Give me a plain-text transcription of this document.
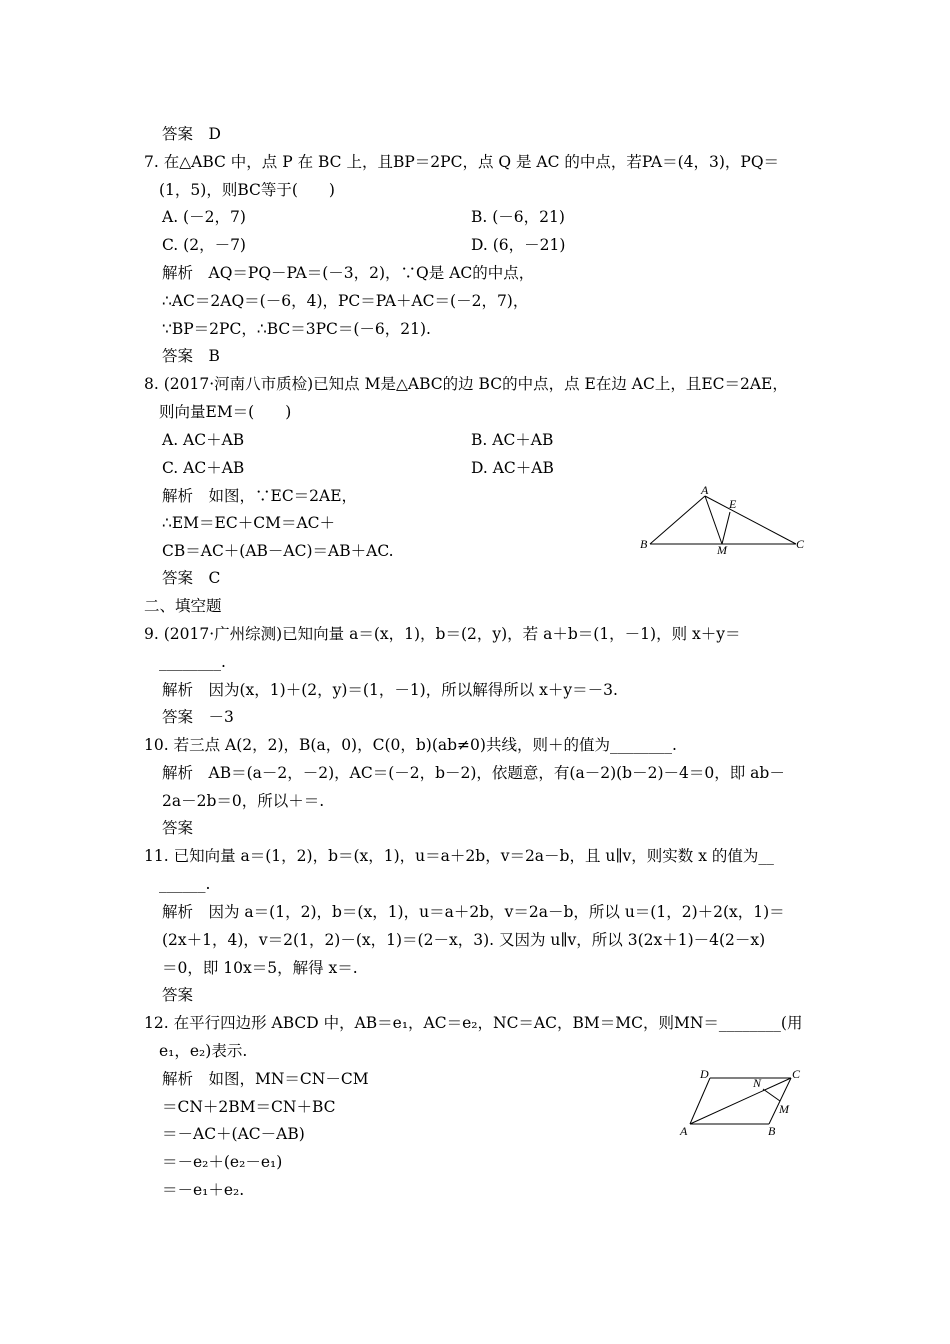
答案　D
7. 在△ABC 中，点 P 在 BC 上，且BP＝2PC，点 Q 是 AC 的中点，若PA＝(4，3)，PQ＝
(1，5)，则BC等于(　　)
A. (－2，7)	B. (－6，21)
C. (2，－7)	D. (6，－21)
解析　AQ＝PQ－PA＝(－3，2)，∵Q是 AC的中点，
∴AC＝2AQ＝(－6，4)，PC＝PA＋AC＝(－2，7)，
∵BP＝2PC，∴BC＝3PC＝(－6，21).
答案　B
8. (2017·河南八市质检)已知点 M是△ABC的边 BC的中点，点 E在边 AC上，且EC＝2AE，
则向量EM＝(　　)
A. AC＋AB	B. AC＋AB
C. AC＋AB	D. AC＋AB
解析　如图，∵EC＝2AE，
∴EM＝EC＋CM＝AC＋
CB＝AC＋(AB－AC)＝AB＋AC.
答案　C
二、填空题
9. (2017·广州综测)已知向量 a＝(x，1)，b＝(2，y)，若 a＋b＝(1，－1)，则 x＋y＝
________.
解析　因为(x，1)＋(2，y)＝(1，－1)，所以解得所以 x＋y＝－3.
答案　－3
10. 若三点 A(2，2)，B(a，0)，C(0，b)(ab≠0)共线，则＋的值为________.
解析　AB＝(a－2，－2)，AC＝(－2，b－2)，依题意，有(a－2)(b－2)－4＝0，即 ab－
2a－2b＝0，所以＋＝.
答案
11. 已知向量 a＝(1，2)，b＝(x，1)，u＝a＋2b，v＝2a－b，且 u∥v，则实数 x 的值为__
______.
解析　因为 a＝(1，2)，b＝(x，1)，u＝a＋2b，v＝2a－b，所以 u＝(1，2)＋2(x，1)＝
(2x＋1，4)，v＝2(1，2)－(x，1)＝(2－x，3). 又因为 u∥v，所以 3(2x＋1)－4(2－x)
＝0，即 10x＝5，解得 x＝.
答案
12. 在平行四边形 ABCD 中，AB＝e₁，AC＝e₂，NC＝AC，BM＝MC，则MN＝________(用
e₁，e₂)表示.
解析　如图，MN＝CN－CM
＝CN＋2BM＝CN＋BC
＝－AC＋(AC－AB)
＝－e₂＋(e₂－e₁)
＝－e₁＋e₂.
A
E
B	M	C
D
N
C
M
A	B
